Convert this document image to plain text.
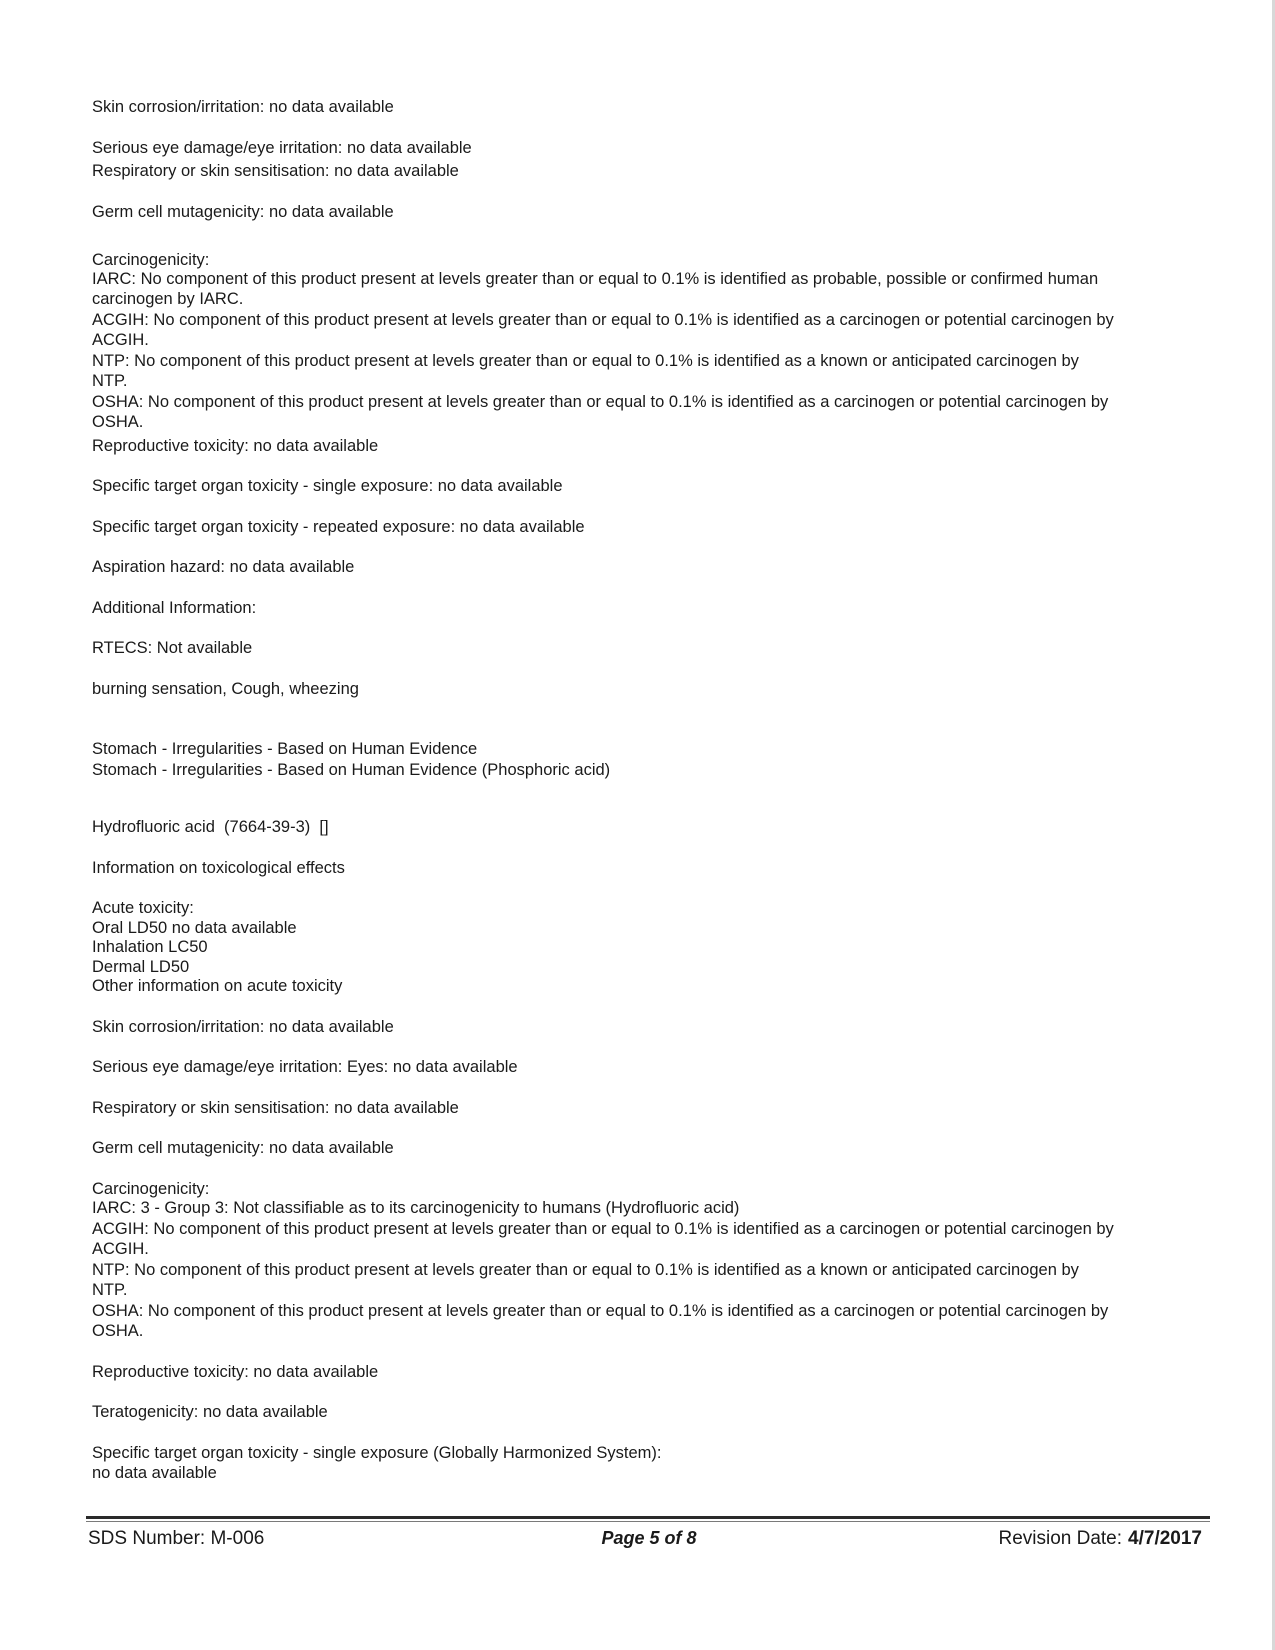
Skin corrosion/irritation: no data available

Serious eye damage/eye irritation: no data available

Respiratory or skin sensitisation: no data available

Germ cell mutagenicity: no data available

Carcinogenicity:

IARC: No component of this product present at levels greater than or equal to 0.1% is identified as probable, possible or confirmed human

carcinogen by IARC.

ACGIH: No component of this product present at levels greater than or equal to 0.1% is identified as a carcinogen or potential carcinogen by

ACGIH.

NTP: No component of this product present at levels greater than or equal to 0.1% is identified as a known or anticipated carcinogen by

NTP.

OSHA: No component of this product present at levels greater than or equal to 0.1% is identified as a carcinogen or potential carcinogen by

OSHA.

Reproductive toxicity: no data available

Specific target organ toxicity - single exposure: no data available

Specific target organ toxicity - repeated exposure: no data available

Aspiration hazard: no data available

Additional Information:

RTECS: Not available

burning sensation, Cough, wheezing

Stomach - Irregularities - Based on Human Evidence

Stomach - Irregularities - Based on Human Evidence (Phosphoric acid)

Hydrofluoric acid  (7664-39-3)  []

Information on toxicological effects

Acute toxicity:

Oral LD50 no data available

Inhalation LC50

Dermal LD50

Other information on acute toxicity

Skin corrosion/irritation: no data available

Serious eye damage/eye irritation: Eyes: no data available

Respiratory or skin sensitisation: no data available

Germ cell mutagenicity: no data available

Carcinogenicity:

IARC: 3 - Group 3: Not classifiable as to its carcinogenicity to humans (Hydrofluoric acid)

ACGIH: No component of this product present at levels greater than or equal to 0.1% is identified as a carcinogen or potential carcinogen by

ACGIH.

NTP: No component of this product present at levels greater than or equal to 0.1% is identified as a known or anticipated carcinogen by

NTP.

OSHA: No component of this product present at levels greater than or equal to 0.1% is identified as a carcinogen or potential carcinogen by

OSHA.

Reproductive toxicity: no data available

Teratogenicity: no data available

Specific target organ toxicity - single exposure (Globally Harmonized System):

no data available

SDS Number: M-006	Page 5 of 8	Revision Date: 4/7/2017
